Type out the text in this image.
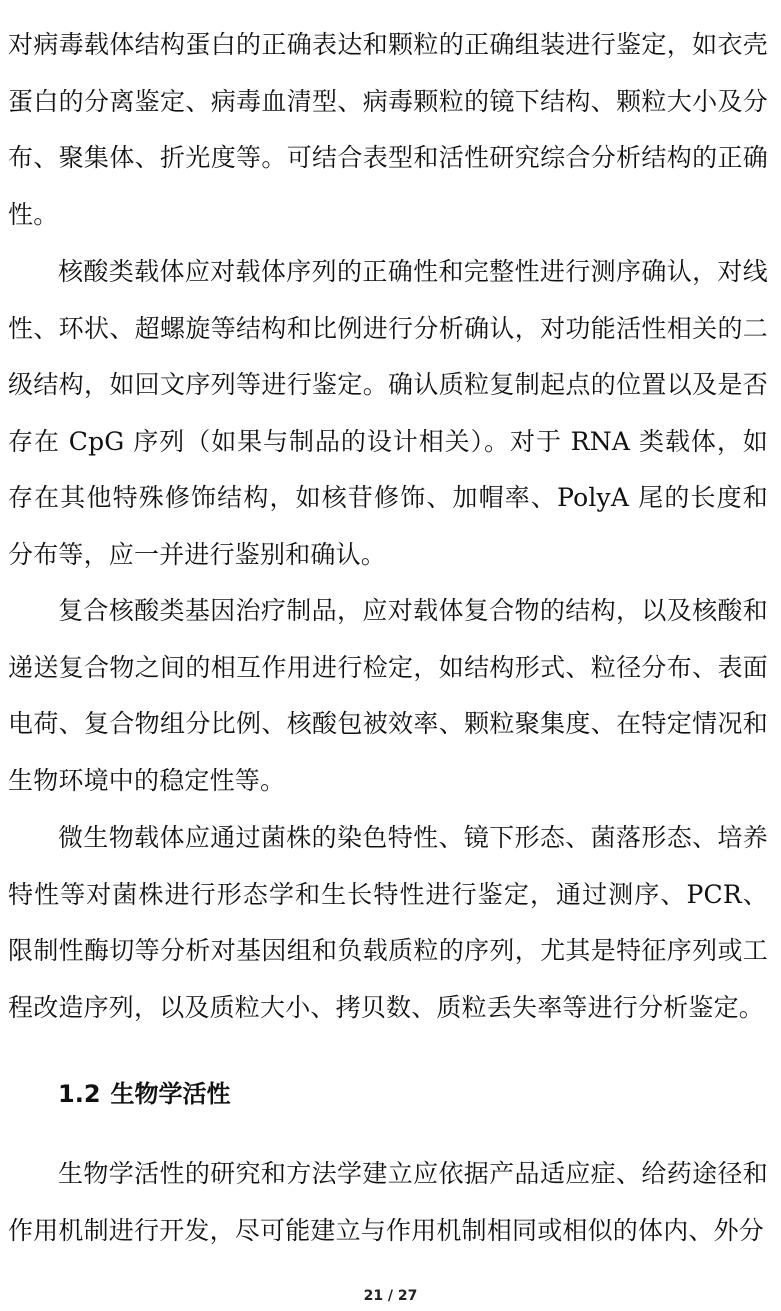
对病毒载体结构蛋白的正确表达和颗粒的正确组装进行鉴定，如衣壳蛋白的分离鉴定、病毒血清型、病毒颗粒的镜下结构、颗粒大小及分布、聚集体、折光度等。可结合表型和活性研究综合分析结构的正确性。

核酸类载体应对载体序列的正确性和完整性进行测序确认，对线性、环状、超螺旋等结构和比例进行分析确认，对功能活性相关的二级结构，如回文序列等进行鉴定。确认质粒复制起点的位置以及是否存在 CpG 序列（如果与制品的设计相关）。对于 RNA 类载体，如存在其他特殊修饰结构，如核苷修饰、加帽率、PolyA 尾的长度和分布等，应一并进行鉴别和确认。

复合核酸类基因治疗制品，应对载体复合物的结构，以及核酸和递送复合物之间的相互作用进行检定，如结构形式、粒径分布、表面电荷、复合物组分比例、核酸包被效率、颗粒聚集度、在特定情况和生物环境中的稳定性等。

微生物载体应通过菌株的染色特性、镜下形态、菌落形态、培养特性等对菌株进行形态学和生长特性进行鉴定，通过测序、PCR、限制性酶切等分析对基因组和负载质粒的序列，尤其是特征序列或工程改造序列，以及质粒大小、拷贝数、质粒丢失率等进行分析鉴定。

1.2 生物学活性

生物学活性的研究和方法学建立应依据产品适应症、给药途径和作用机制进行开发，尽可能建立与作用机制相同或相似的体内、外分

21 / 27
